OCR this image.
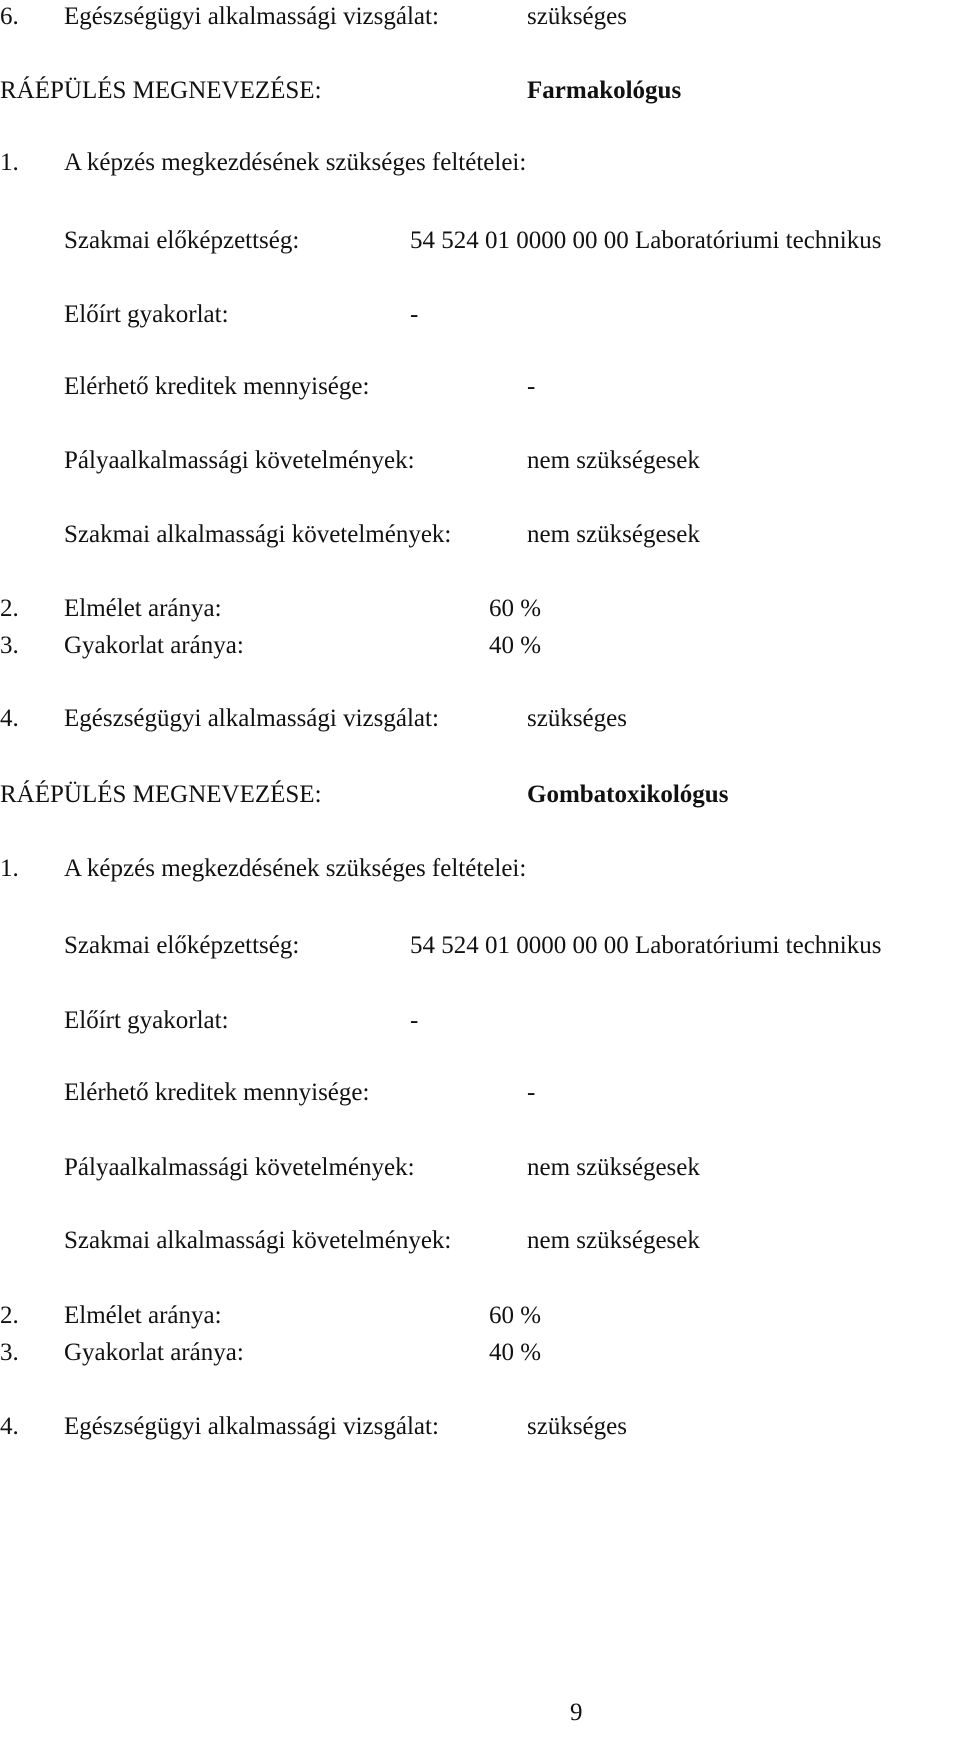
6. Egészségügyi alkalmassági vizsgálat:	szükséges
RÁÉPÜLÉS MEGNEVEZÉSE:	Farmakológus
1. A képzés megkezdésének szükséges feltételei:
Szakmai előképzettség:	54 524 01 0000 00 00 Laboratóriumi technikus
Előírt gyakorlat:	-
Elérhető kreditek mennyisége:	-
Pályaalkalmassági követelmények:	nem szükségesek
Szakmai alkalmassági követelmények:	nem szükségesek
2. Elmélet aránya:	60 %
3. Gyakorlat aránya:	40 %
4. Egészségügyi alkalmassági vizsgálat:	szükséges
RÁÉPÜLÉS MEGNEVEZÉSE:	Gombatoxikológus
1. A képzés megkezdésének szükséges feltételei:
Szakmai előképzettség:	54 524 01 0000 00 00 Laboratóriumi technikus
Előírt gyakorlat:	-
Elérhető kreditek mennyisége:	-
Pályaalkalmassági követelmények:	nem szükségesek
Szakmai alkalmassági követelmények:	nem szükségesek
2. Elmélet aránya:	60 %
3. Gyakorlat aránya:	40 %
4. Egészségügyi alkalmassági vizsgálat:	szükséges
9
